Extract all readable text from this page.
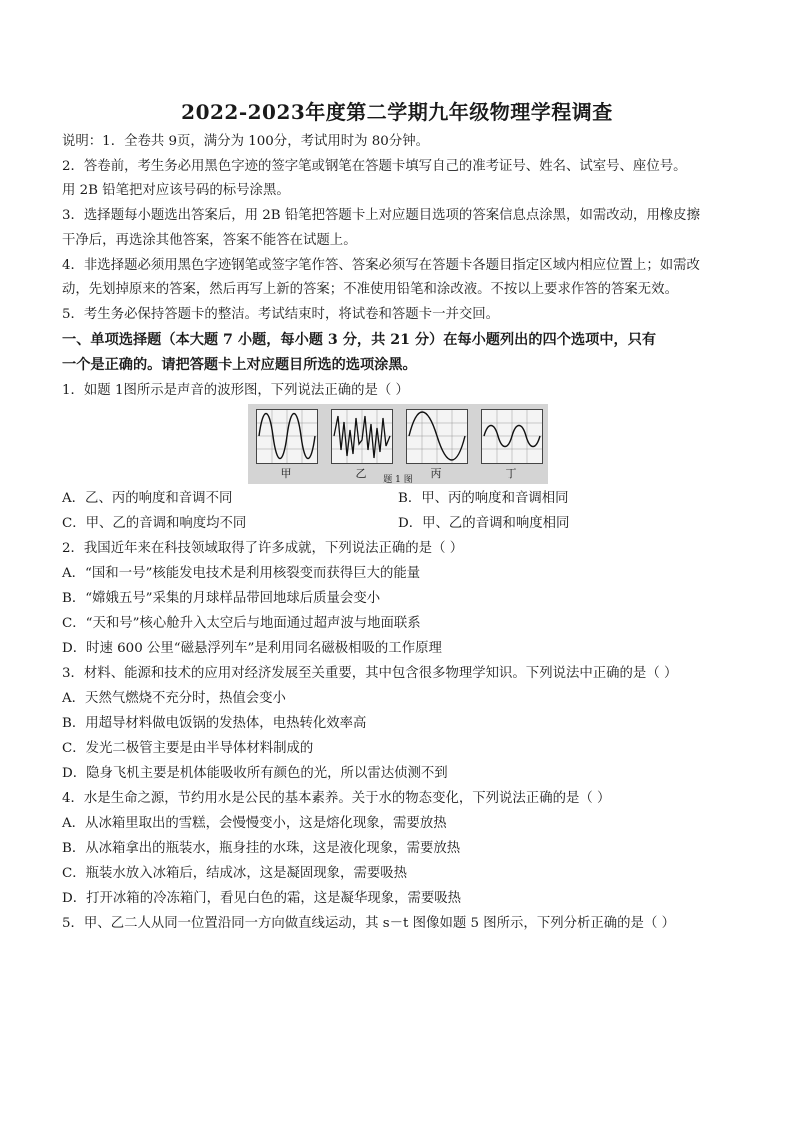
2022-2023年度第二学期九年级物理学程调查
说明：1．全卷共 9页，满分为 100分，考试用时为 80分钟。
2．答卷前，考生务必用黑色字迹的签字笔或钢笔在答题卡填写自己的准考证号、姓名、试室号、座位号。
用 2B 铅笔把对应该号码的标号涂黑。
3．选择题每小题选出答案后，用 2B 铅笔把答题卡上对应题目选项的答案信息点涂黑，如需改动，用橡皮擦
干净后，再选涂其他答案，答案不能答在试题上。
4．非选择题必须用黑色字迹钢笔或签字笔作答、答案必须写在答题卡各题目指定区域内相应位置上；如需改
动，先划掉原来的答案，然后再写上新的答案；不准使用铅笔和涂改液。不按以上要求作答的答案无效。
5．考生务必保持答题卡的整洁。考试结束时，将试卷和答题卡一并交回。
一、单项选择题（本大题 7 小题，每小题 3 分，共 21 分）在每小题列出的四个选项中，只有
一个是正确的。请把答题卡上对应题目所选的选项涂黑。
1．如题 1图所示是声音的波形图，下列说法正确的是（ ）
甲	乙	丙	丁
题 1 图
A．乙、丙的响度和音调不同	B．甲、丙的响度和音调相同
C．甲、乙的音调和响度均不同	D．甲、乙的音调和响度相同
2．我国近年来在科技领域取得了许多成就，下列说法正确的是（ ）
A．“国和一号”核能发电技术是利用核裂变而获得巨大的能量
B．“嫦娥五号”采集的月球样品带回地球后质量会变小
C．“天和号”核心舱升入太空后与地面通过超声波与地面联系
D．时速 600 公里“磁悬浮列车”是利用同名磁极相吸的工作原理
3．材料、能源和技术的应用对经济发展至关重要，其中包含很多物理学知识。下列说法中正确的是（ ）
A．天然气燃烧不充分时，热值会变小
B．用超导材料做电饭锅的发热体，电热转化效率高
C．发光二极管主要是由半导体材料制成的
D．隐身飞机主要是机体能吸收所有颜色的光，所以雷达侦测不到
4．水是生命之源，节约用水是公民的基本素养。关于水的物态变化，下列说法正确的是（ ）
A．从冰箱里取出的雪糕，会慢慢变小，这是熔化现象，需要放热
B．从冰箱拿出的瓶装水，瓶身挂的水珠，这是液化现象，需要放热
C．瓶装水放入冰箱后，结成冰，这是凝固现象，需要吸热
D．打开冰箱的冷冻箱门，看见白色的霜，这是凝华现象，需要吸热
5．甲、乙二人从同一位置沿同一方向做直线运动，其 s－t 图像如题 5 图所示，下列分析正确的是（ ）
